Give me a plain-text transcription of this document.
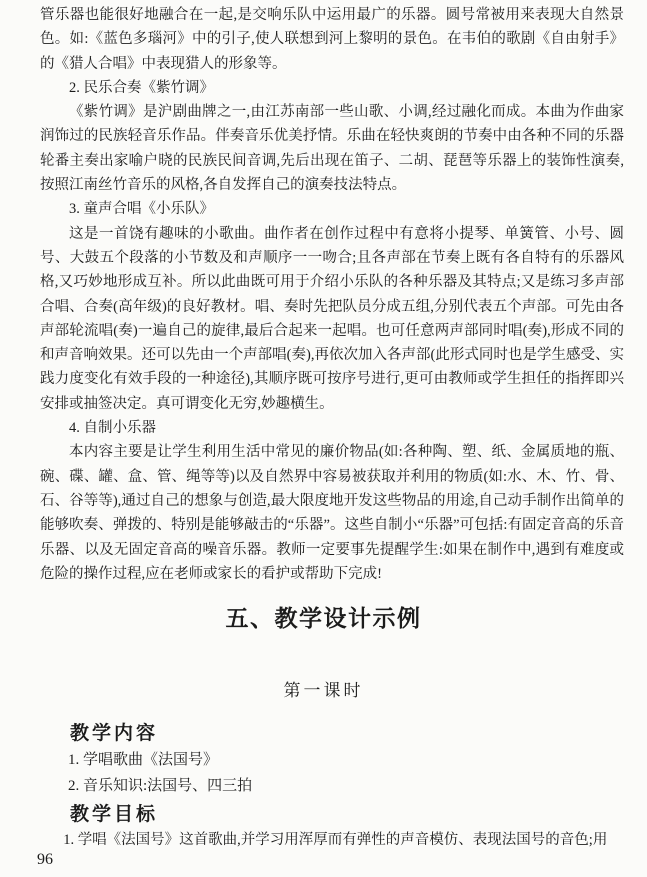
管乐器也能很好地融合在一起,是交响乐队中运用最广的乐器。圆号常被用来表现大自然景色。如:《蓝色多瑙河》中的引子,使人联想到河上黎明的景色。在韦伯的歌剧《自由射手》的《猎人合唱》中表现猎人的形象等。

2. 民乐合奏《紫竹调》

《紫竹调》是沪剧曲牌之一,由江苏南部一些山歌、小调,经过融化而成。本曲为作曲家润饰过的民族轻音乐作品。伴奏音乐优美抒情。乐曲在轻快爽朗的节奏中由各种不同的乐器轮番主奏出家喻户晓的民族民间音调,先后出现在笛子、二胡、琵琶等乐器上的装饰性演奏,按照江南丝竹音乐的风格,各自发挥自己的演奏技法特点。

3. 童声合唱《小乐队》

这是一首饶有趣味的小歌曲。曲作者在创作过程中有意将小提琴、单簧管、小号、圆号、大鼓五个段落的小节数及和声顺序一一吻合;且各声部在节奏上既有各自特有的乐器风格,又巧妙地形成互补。所以此曲既可用于介绍小乐队的各种乐器及其特点;又是练习多声部合唱、合奏(高年级)的良好教材。唱、奏时先把队员分成五组,分别代表五个声部。可先由各声部轮流唱(奏)一遍自己的旋律,最后合起来一起唱。也可任意两声部同时唱(奏),形成不同的和声音响效果。还可以先由一个声部唱(奏),再依次加入各声部(此形式同时也是学生感受、实践力度变化有效手段的一种途径),其顺序既可按序号进行,更可由教师或学生担任的指挥即兴安排或抽签决定。真可谓变化无穷,妙趣横生。

4. 自制小乐器

本内容主要是让学生利用生活中常见的廉价物品(如:各种陶、塑、纸、金属质地的瓶、碗、碟、罐、盒、管、绳等等)以及自然界中容易被获取并利用的物质(如:水、木、竹、骨、石、谷等等),通过自己的想象与创造,最大限度地开发这些物品的用途,自己动手制作出简单的能够吹奏、弹拨的、特别是能够敲击的“乐器”。这些自制小“乐器”可包括:有固定音高的乐音乐器、以及无固定音高的噪音乐器。教师一定要事先提醒学生:如果在制作中,遇到有难度或危险的操作过程,应在老师或家长的看护或帮助下完成!

五、教学设计示例
第一课时
教学内容
1. 学唱歌曲《法国号》
2. 音乐知识:法国号、四三拍
教学目标
1. 学唱《法国号》这首歌曲,并学习用浑厚而有弹性的声音模仿、表现法国号的音色;用
96
